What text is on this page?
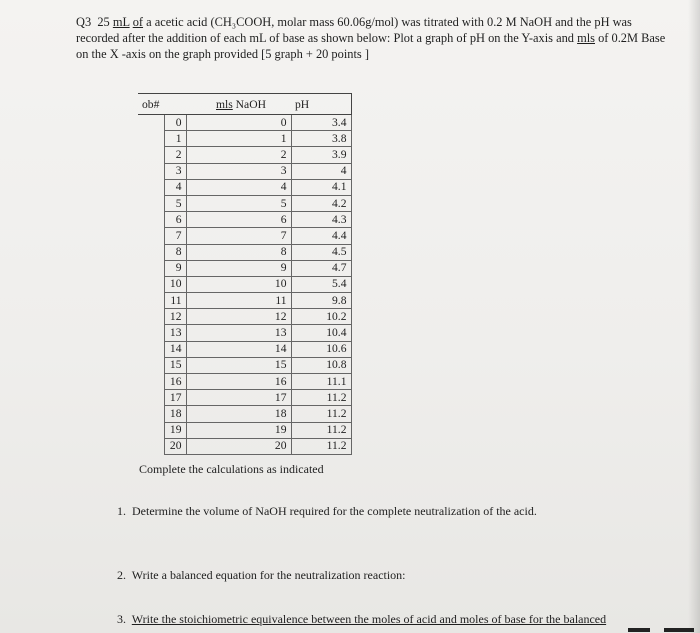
Q3 25 mL of a acetic acid (CH₃COOH, molar mass 60.06g/mol) was titrated with 0.2 M NaOH and the pH was recorded after the addition of each mL of base as shown below: Plot a graph of pH on the Y-axis and mls of 0.2M Base on the X -axis on the graph provided [5 graph + 20 points ]
ob#		mls NaOH	pH
	0	0	3.4
	1	1	3.8
	2	2	3.9
	3	3	4
	4	4	4.1
	5	5	4.2
	6	6	4.3
	7	7	4.4
	8	8	4.5
	9	9	4.7
	10	10	5.4
	11	11	9.8
	12	12	10.2
	13	13	10.4
	14	14	10.6
	15	15	10.8
	16	16	11.1
	17	17	11.2
	18	18	11.2
	19	19	11.2
	20	20	11.2
Complete the calculations as indicated
1. Determine the volume of NaOH required for the complete neutralization of the acid.
2. Write a balanced equation for the neutralization reaction:
3. Write the stoichiometric equivalence between the moles of acid and moles of base for the balanced
